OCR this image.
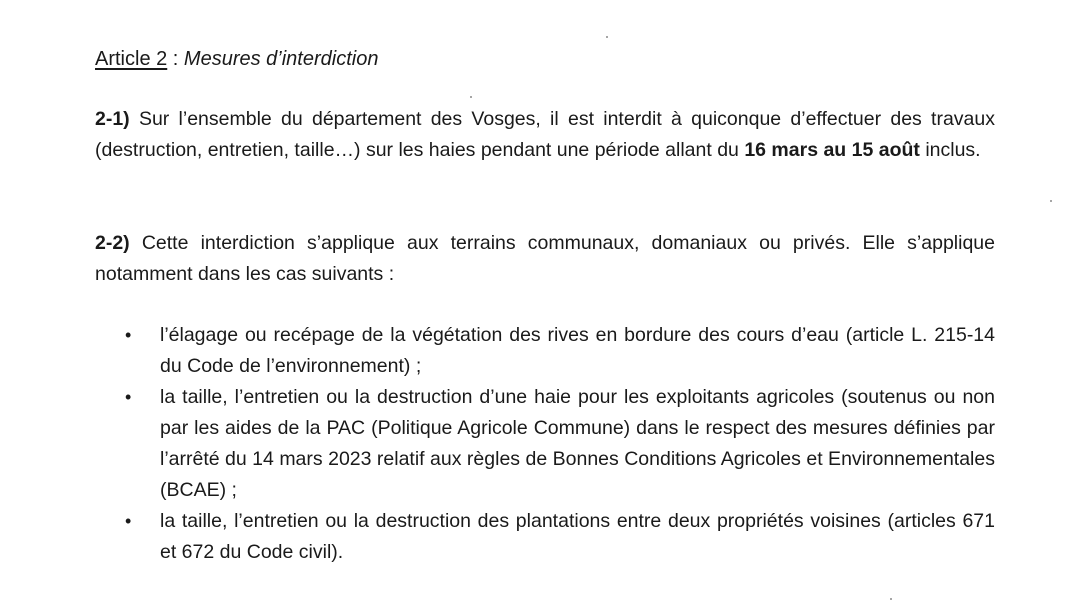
Article 2 : Mesures d’interdiction
2-1) Sur l’ensemble du département des Vosges, il est interdit à quiconque d’effectuer des travaux (destruction, entretien, taille…) sur les haies pendant une période allant du 16 mars au 15 août inclus.
2-2) Cette interdiction s’applique aux terrains communaux, domaniaux ou privés. Elle s’applique notamment dans les cas suivants :
• l’élagage ou recépage de la végétation des rives en bordure des cours d’eau (article L. 215-14 du Code de l’environnement) ;
• la taille, l’entretien ou la destruction d’une haie pour les exploitants agricoles (soutenus ou non par les aides de la PAC (Politique Agricole Commune) dans le respect des mesures définies par l’arrêté du 14 mars 2023 relatif aux règles de Bonnes Conditions Agricoles et Environnementales (BCAE) ;
• la taille, l’entretien ou la destruction des plantations entre deux propriétés voisines (articles 671 et 672 du Code civil).
